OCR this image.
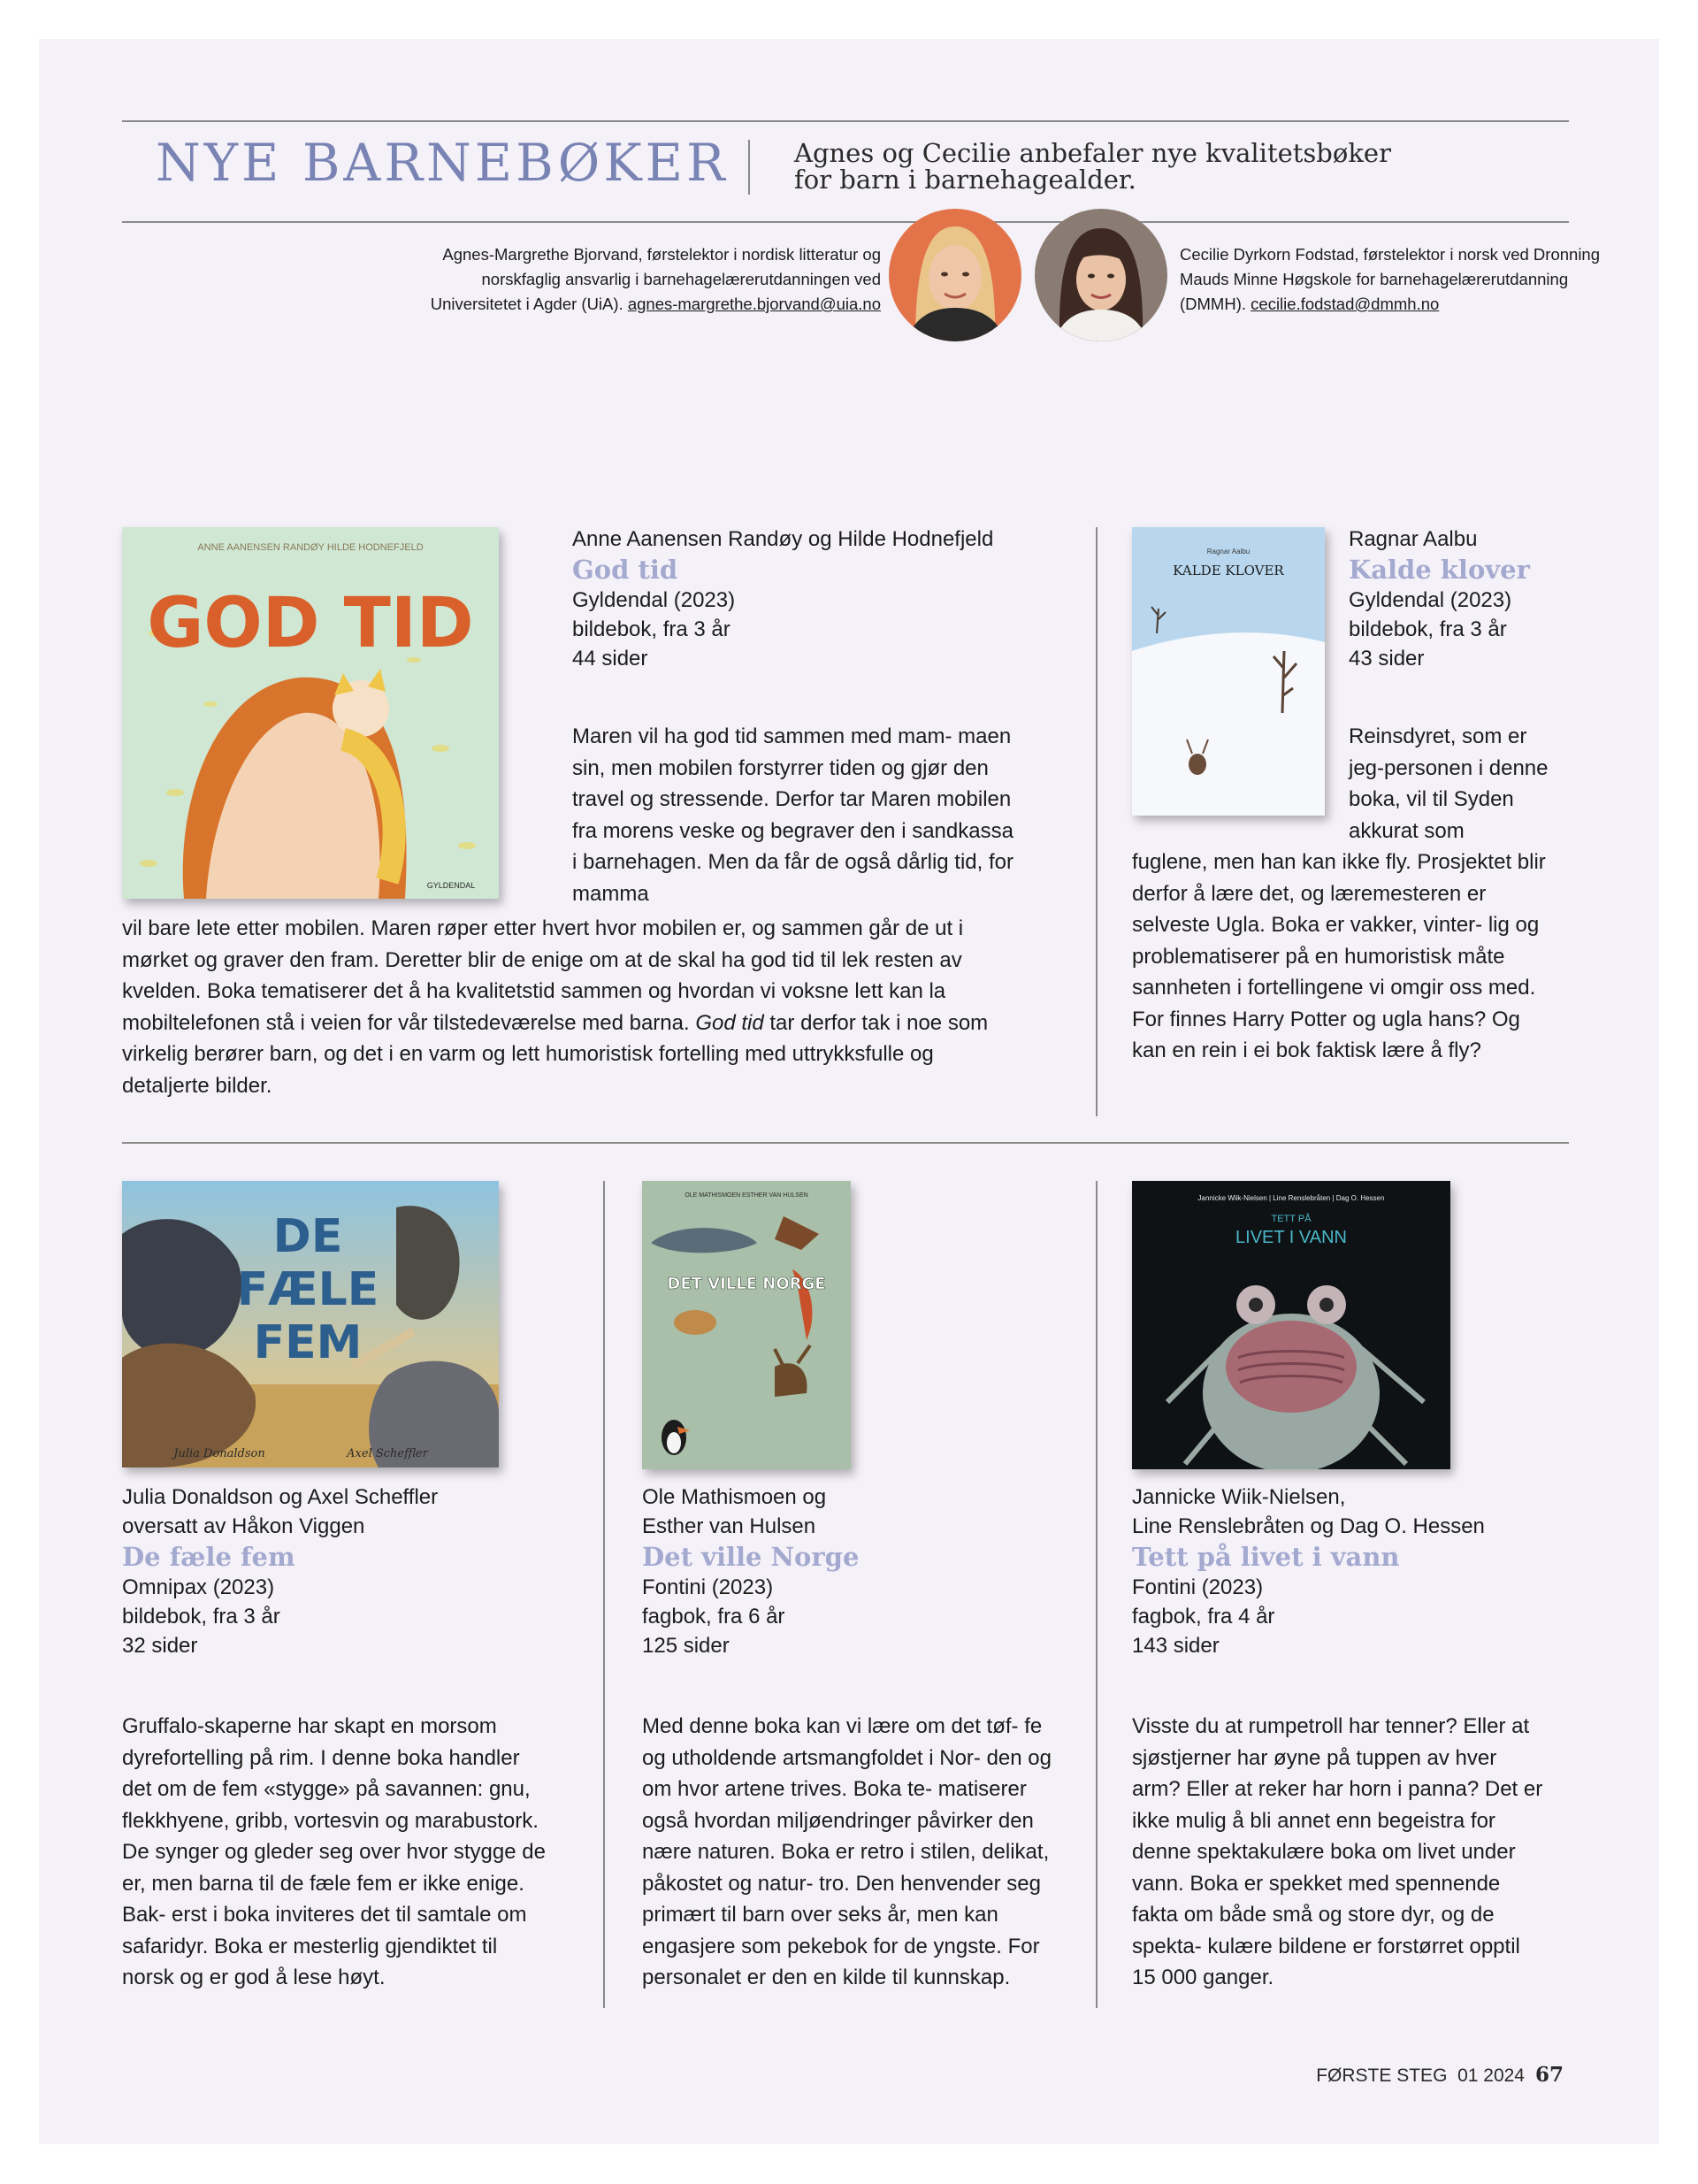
NYE BARNEBØKER	Agnes og Cecilie anbefaler nye kvalitetsbøker
for barn i barnehagealder.
Agnes-Margrethe Bjorvand, førstelektor i nordisk litteratur og norskfaglig ansvarlig i barnehagelærerutdanningen ved Universitetet i Agder (UiA). agnes-margrethe.bjorvand@uia.no
Cecilie Dyrkorn Fodstad, førstelektor i norsk ved Dronning Mauds Minne Høgskole for barnehagelærerutdanning (DMMH). cecilie.fodstad@dmmh.no
GOD TID
ANNE AANENSEN RANDØY HILDE HODNEFJELD
GYLDENDAL
Anne Aanensen Randøy og Hilde Hodnefjeld
God tid
Gyldendal (2023)
bildebok, fra 3 år
44 sider
Maren vil ha god tid sammen med mam- maen sin, men mobilen forstyrrer tiden og gjør den travel og stressende. Derfor tar Maren mobilen fra morens veske og begraver den i sandkassa i barnehagen. Men da får de også dårlig tid, for mamma
vil bare lete etter mobilen. Maren røper etter hvert hvor mobilen er, og sammen går de ut i mørket og graver den fram. Deretter blir de enige om at de skal ha god tid til lek resten av kvelden. Boka tematiserer det å ha kvalitetstid sammen og hvordan vi voksne lett kan la mobiltelefonen stå i veien for vår tilstedeværelse med barna. God tid tar derfor tak i noe som virkelig berører barn, og det i en varm og lett humoristisk fortelling med uttrykksfulle og detaljerte bilder.
Ragnar Aalbu
KALDE KLOVER
Ragnar Aalbu
Kalde klover
Gyldendal (2023)
bildebok, fra 3 år
43 sider
Reinsdyret, som er jeg-personen i denne boka, vil til Syden akkurat som
fuglene, men han kan ikke fly. Prosjektet blir derfor å lære det, og læremesteren er selveste Ugla. Boka er vakker, vinter- lig og problematiserer på en humoristisk måte sannheten i fortellingene vi omgir oss med. For finnes Harry Potter og ugla hans? Og kan en rein i ei bok faktisk lære å fly?
DE
FÆLE
FEM
Julia Donaldson	Axel Scheffler
Julia Donaldson og Axel Scheffler
oversatt av Håkon Viggen
De fæle fem
Omnipax (2023)
bildebok, fra 3 år
32 sider
Gruffalo-skaperne har skapt en morsom dyrefortelling på rim. I denne boka handler det om de fem «stygge» på savannen: gnu, flekkhyene, gribb, vortesvin og marabustork. De synger og gleder seg over hvor stygge de er, men barna til de fæle fem er ikke enige. Bak- erst i boka inviteres det til samtale om safaridyr. Boka er mesterlig gjendiktet til norsk og er god å lese høyt.
OLE MATHISMOEN ESTHER VAN HULSEN
DET VILLE NORGE
Ole Mathismoen og
Esther van Hulsen
Det ville Norge
Fontini (2023)
fagbok, fra 6 år
125 sider
Med denne boka kan vi lære om det tøf- fe og utholdende artsmangfoldet i Nor- den og om hvor artene trives. Boka te- matiserer også hvordan miljøendringer påvirker den nære naturen. Boka er retro i stilen, delikat, påkostet og natur- tro. Den henvender seg primært til barn over seks år, men kan engasjere som pekebok for de yngste. For personalet er den en kilde til kunnskap.
Jannicke Wiik-Nielsen | Line Renslebråten | Dag O. Hessen
TETT PÅ
LIVET I VANN
Jannicke Wiik-Nielsen,
Line Renslebråten og Dag O. Hessen
Tett på livet i vann
Fontini (2023)
fagbok, fra 4 år
143 sider
Visste du at rumpetroll har tenner? Eller at sjøstjerner har øyne på tuppen av hver arm? Eller at reker har horn i panna? Det er ikke mulig å bli annet enn begeistra for denne spektakulære boka om livet under vann. Boka er spekket med spennende fakta om både små og store dyr, og de spekta- kulære bildene er forstørret opptil 15 000 ganger.
FØRSTE STEG  01 2024 67
